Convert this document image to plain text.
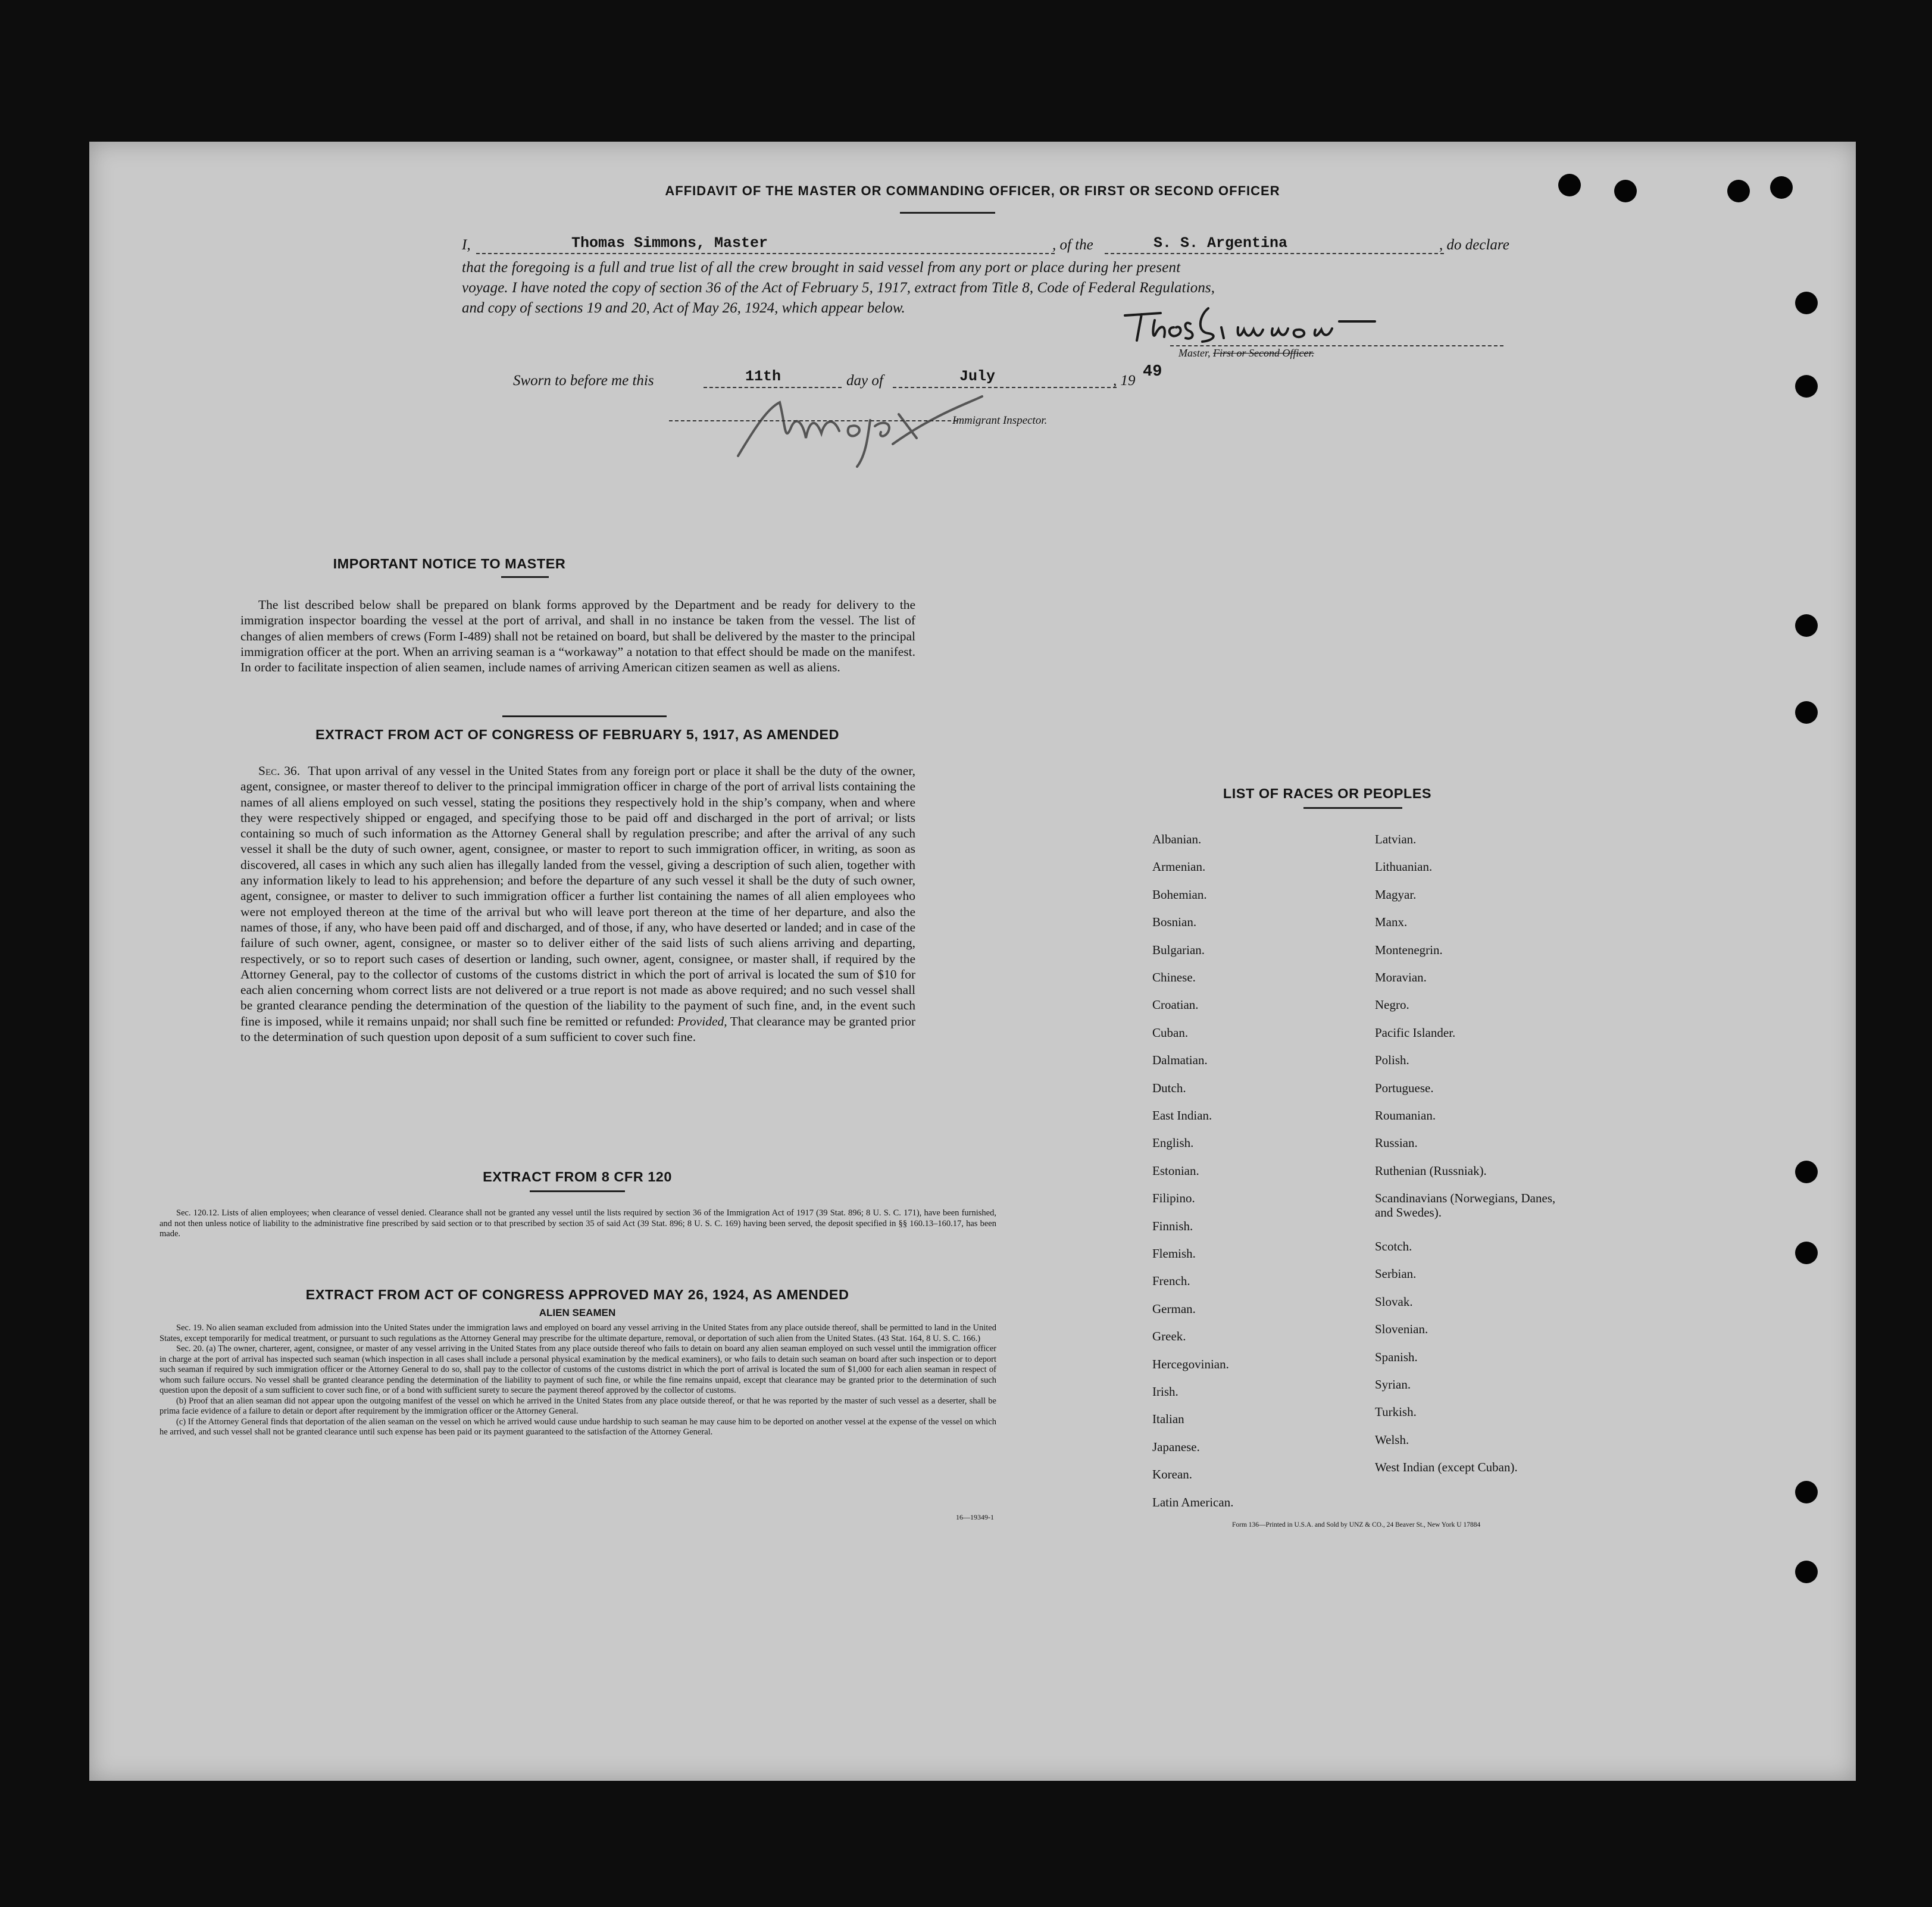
AFFIDAVIT OF THE MASTER OR COMMANDING OFFICER, OR FIRST OR SECOND OFFICER
I,	Thomas Simmons, Master	, of the	S. S. Argentina	, do declare
that the foregoing is a full and true list of all the crew brought in said vessel from any port or place during her present
voyage. I have noted the copy of section 36 of the Act of February 5, 1917, extract from Title 8, Code of Federal Regulations,
and copy of sections 19 and 20, Act of May 26, 1924, which appear below.
Master, First or Second Officer.
Sworn to before me this	11th	day of	July	, 19 49
Immigrant Inspector.
IMPORTANT NOTICE TO MASTER

The list described below shall be prepared on blank forms approved by the Department and be ready for delivery to the immigration inspector boarding the vessel at the port of arrival, and shall in no instance be taken from the vessel. The list of changes of alien members of crews (Form I-489) shall not be retained on board, but shall be delivered by the master to the principal immigration officer at the port. When an arriving seaman is a “workaway” a notation to that effect should be made on the manifest. In order to facilitate inspection of alien seamen, include names of arriving American citizen seamen as well as aliens.

EXTRACT FROM ACT OF CONGRESS OF FEBRUARY 5, 1917, AS AMENDED

Sec. 36. That upon arrival of any vessel in the United States from any foreign port or place it shall be the duty of the owner, agent, consignee, or master thereof to deliver to the principal immigration officer in charge of the port of arrival lists containing the names of all aliens employed on such vessel, stating the positions they respectively hold in the ship’s company, when and where they were respectively shipped or engaged, and specifying those to be paid off and discharged in the port of arrival; or lists containing so much of such information as the Attorney General shall by regulation prescribe; and after the arrival of any such vessel it shall be the duty of such owner, agent, consignee, or master to report to such immigration officer, in writing, as soon as discovered, all cases in which any such alien has illegally landed from the vessel, giving a description of such alien, together with any information likely to lead to his apprehension; and before the departure of any such vessel it shall be the duty of such owner, agent, consignee, or master to deliver to such immigration officer a further list containing the names of all alien employees who were not employed thereon at the time of the arrival but who will leave port thereon at the time of her departure, and also the names of those, if any, who have been paid off and discharged, and of those, if any, who have deserted or landed; and in case of the failure of such owner, agent, consignee, or master so to deliver either of the said lists of such aliens arriving and departing, respectively, or so to report such cases of desertion or landing, such owner, agent, consignee, or master shall, if required by the Attorney General, pay to the collector of customs of the customs district in which the port of arrival is located the sum of $10 for each alien concerning whom correct lists are not delivered or a true report is not made as above required; and no such vessel shall be granted clearance pending the determination of the question of the liability to the payment of such fine, and, in the event such fine is imposed, while it remains unpaid; nor shall such fine be remitted or refunded: Provided, That clearance may be granted prior to the determination of such question upon deposit of a sum sufficient to cover such fine.

EXTRACT FROM 8 CFR 120

Sec. 120.12. Lists of alien employees; when clearance of vessel denied. Clearance shall not be granted any vessel until the lists required by section 36 of the Immigration Act of 1917 (39 Stat. 896; 8 U. S. C. 171), have been furnished, and not then unless notice of liability to the administrative fine prescribed by said section or to that prescribed by section 35 of said Act (39 Stat. 896; 8 U. S. C. 169) having been served, the deposit specified in §§ 160.13–160.17, has been made.

EXTRACT FROM ACT OF CONGRESS APPROVED MAY 26, 1924, AS AMENDED
ALIEN SEAMEN

Sec. 19. No alien seaman excluded from admission into the United States under the immigration laws and employed on board any vessel arriving in the United States from any place outside thereof, shall be permitted to land in the United States, except temporarily for medical treatment, or pursuant to such regulations as the Attorney General may prescribe for the ultimate departure, removal, or deportation of such alien from the United States. (43 Stat. 164, 8 U. S. C. 166.)

Sec. 20. (a) The owner, charterer, agent, consignee, or master of any vessel arriving in the United States from any place outside thereof who fails to detain on board any alien seaman employed on such vessel until the immigration officer in charge at the port of arrival has inspected such seaman (which inspection in all cases shall include a personal physical examination by the medical examiners), or who fails to detain such seaman on board after such inspection or to deport such seaman if required by such immigration officer or the Attorney General to do so, shall pay to the collector of customs of the customs district in which the port of arrival is located the sum of $1,000 for each alien seaman in respect of whom such failure occurs. No vessel shall be granted clearance pending the determination of the liability to payment of such fine, or while the fine remains unpaid, except that clearance may be granted prior to the determination of such question upon the deposit of a sum sufficient to cover such fine, or of a bond with sufficient surety to secure the payment thereof approved by the collector of customs.

(b) Proof that an alien seaman did not appear upon the outgoing manifest of the vessel on which he arrived in the United States from any place outside thereof, or that he was reported by the master of such vessel as a deserter, shall be prima facie evidence of a failure to detain or deport after requirement by the immigration officer or the Attorney General.

(c) If the Attorney General finds that deportation of the alien seaman on the vessel on which he arrived would cause undue hardship to such seaman he may cause him to be deported on another vessel at the expense of the vessel on which he arrived, and such vessel shall not be granted clearance until such expense has been paid or its payment guaranteed to the satisfaction of the Attorney General.

16—19349-1
LIST OF RACES OR PEOPLES
Form 136—Printed in U.S.A. and Sold by UNZ & CO., 24 Beaver St., New York U 17884
Albanian.
Armenian.
Bohemian.
Bosnian.
Bulgarian.
Chinese.
Croatian.
Cuban.
Dalmatian.
Dutch.
East Indian.
English.
Estonian.
Filipino.
Finnish.
Flemish.
French.
German.
Greek.
Hercegovinian.
Irish.
Italian
Japanese.
Korean.
Latin American.
Latvian.
Lithuanian.
Magyar.
Manx.
Montenegrin.
Moravian.
Negro.
Pacific Islander.
Polish.
Portuguese.
Roumanian.
Russian.
Ruthenian (Russniak).
Scandinavians (Norwegians, Danes, and Swedes).
Scotch.
Serbian.
Slovak.
Slovenian.
Spanish.
Syrian.
Turkish.
Welsh.
West Indian (except Cuban).
